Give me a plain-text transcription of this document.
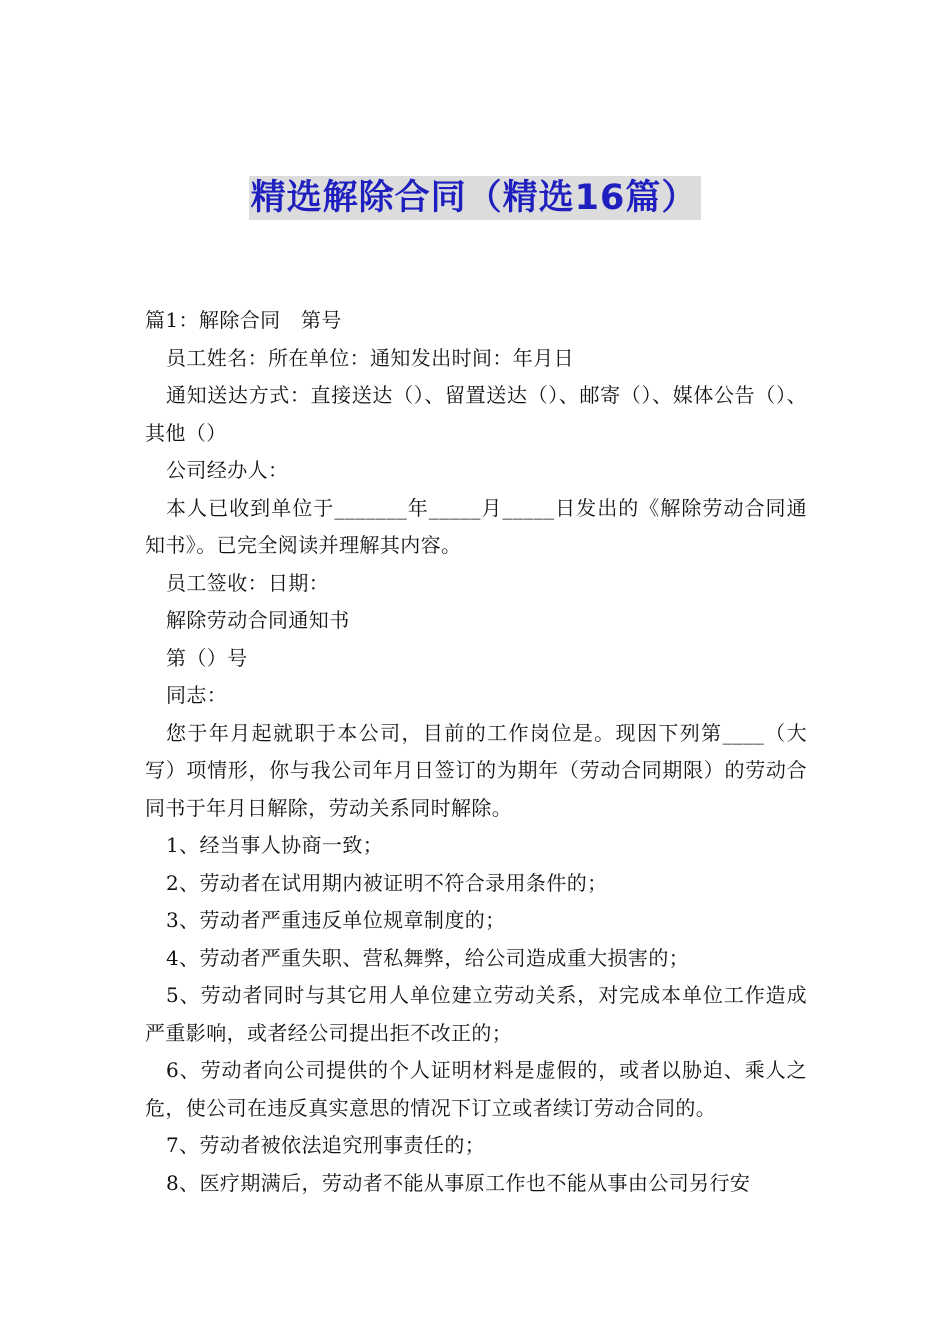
精选解除合同（精选16篇）

篇1：解除合同　第号

员工姓名：所在单位：通知发出时间：年月日

通知送达方式：直接送达（）、留置送达（）、邮寄（）、媒体公告（）、其他（）

公司经办人：

本人已收到单位于_______年_____月_____日发出的《解除劳动合同通知书》。已完全阅读并理解其内容。

员工签收：日期：

解除劳动合同通知书

第（）号

同志：

您于年月起就职于本公司，目前的工作岗位是。现因下列第____（大写）项情形，你与我公司年月日签订的为期年（劳动合同期限）的劳动合同书于年月日解除，劳动关系同时解除。

1、经当事人协商一致；

2、劳动者在试用期内被证明不符合录用条件的；

3、劳动者严重违反单位规章制度的；

4、劳动者严重失职、营私舞弊，给公司造成重大损害的；

5、劳动者同时与其它用人单位建立劳动关系，对完成本单位工作造成严重影响，或者经公司提出拒不改正的；

6、劳动者向公司提供的个人证明材料是虚假的，或者以胁迫、乘人之危，使公司在违反真实意思的情况下订立或者续订劳动合同的。

7、劳动者被依法追究刑事责任的；

8、医疗期满后，劳动者不能从事原工作也不能从事由公司另行安
